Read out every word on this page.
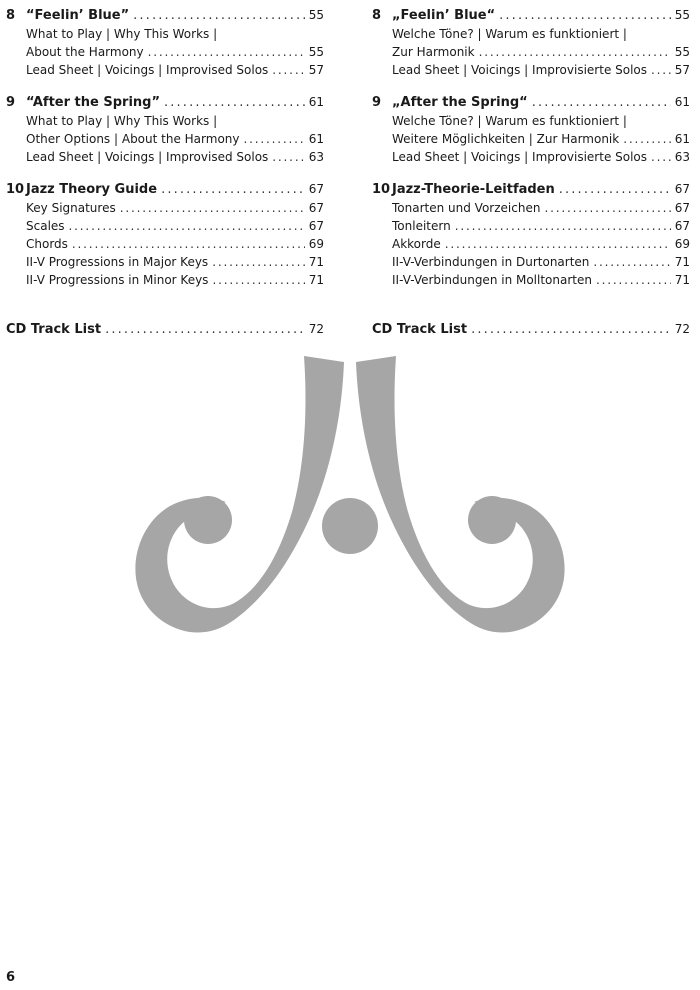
8 “Feelin’ Blue” . . .	55
What to Play | Why This Works |
About the Harmony . . .	55
Lead Sheet | Voicings | Improvised Solos . . .	57
9 “After the Spring” . . .	61
What to Play | Why This Works |
Other Options | About the Harmony . . .	61
Lead Sheet | Voicings | Improvised Solos . . .	63
10 Jazz Theory Guide . . .	67
Key Signatures . . .	67
Scales . . .	67
Chords . . .	69
II-V Progressions in Major Keys . . .	71
II-V Progressions in Minor Keys . . .	71
8 „Feelin’ Blue“ . . .	55
Welche Töne? | Warum es funktioniert |
Zur Harmonik . . .	55
Lead Sheet | Voicings | Improvisierte Solos . . . 57
9 „After the Spring“ . . .	61
Welche Töne? | Warum es funktioniert |
Weitere Möglichkeiten | Zur Harmonik . . .	61
Lead Sheet | Voicings | Improvisierte Solos . . . 63
10 Jazz-Theorie-Leitfaden . . .	67
Tonarten und Vorzeichen . . .	67
Tonleitern . . .	67
Akkorde . . .	69
II-V-Verbindungen in Durtonarten . . .	71
II-V-Verbindungen in Molltonarten . . .	71
CD Track List . . .	72	CD Track List . . .	72
6
